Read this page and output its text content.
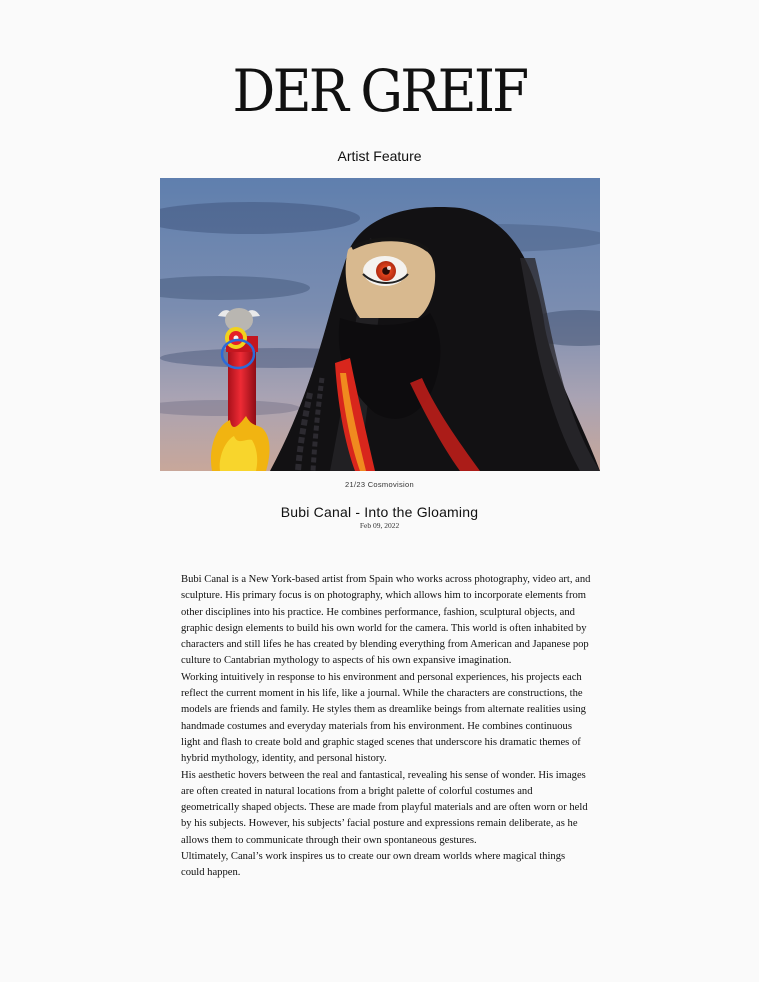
DER GREIF
Artist Feature
21/23 Cosmovision
Bubi Canal - Into the Gloaming
Feb 09, 2022

Bubi Canal is a New York-based artist from Spain who works across photography, video art, and sculpture. His primary focus is on photography, which allows him to incorporate elements from other disciplines into his practice. He combines performance, fashion, sculptural objects, and graphic design elements to build his own world for the camera. This world is often inhabited by characters and still lifes he has created by blending everything from American and Japanese pop culture to Cantabrian mythology to aspects of his own expansive imagination.

Working intuitively in response to his environment and personal experiences, his projects each reflect the current moment in his life, like a journal. While the characters are constructions, the models are friends and family. He styles them as dreamlike beings from alternate realities using handmade costumes and everyday materials from his environment. He combines continuous light and flash to create bold and graphic staged scenes that underscore his dramatic themes of hybrid mythology, identity, and personal history.

His aesthetic hovers between the real and fantastical, revealing his sense of wonder. His images are often created in natural locations from a bright palette of colorful costumes and geometrically shaped objects. These are made from playful materials and are often worn or held by his subjects. However, his subjects’ facial posture and expressions remain deliberate, as he allows them to communicate through their own spontaneous gestures.

Ultimately, Canal’s work inspires us to create our own dream worlds where magical things could happen.
